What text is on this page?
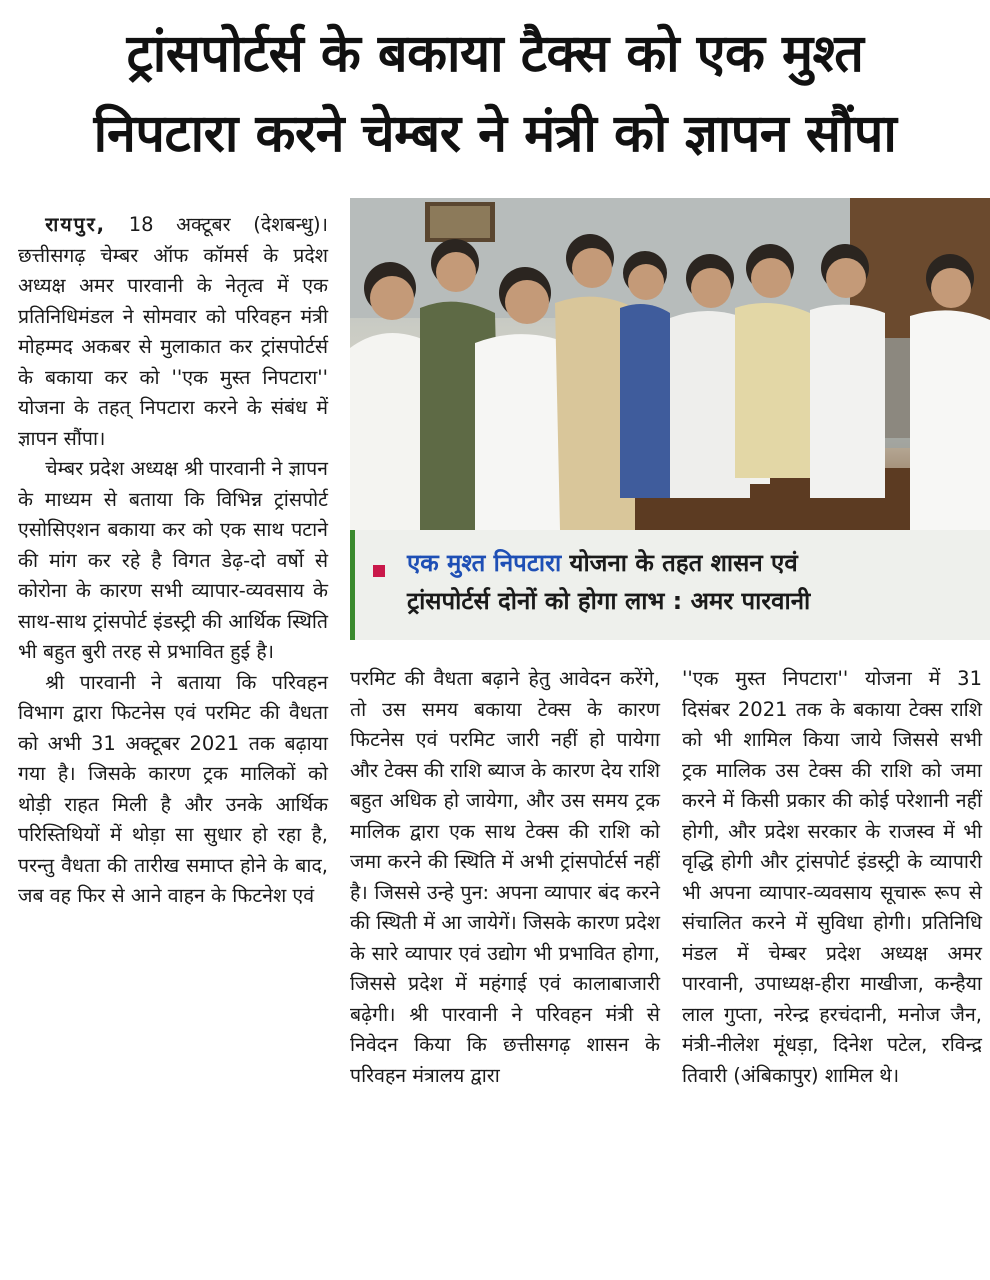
ट्रांसपोर्टर्स के बकाया टैक्स को एक मुश्त
निपटारा करने चेम्बर ने मंत्री को ज्ञापन सौंपा

रायपुर, 18 अक्टूबर (देशबन्धु)। छत्तीसगढ़ चेम्बर ऑफ कॉमर्स के प्रदेश अध्यक्ष अमर पारवानी के नेतृत्व में एक प्रतिनिधिमंडल ने सोमवार को परिवहन मंत्री मोहम्मद अकबर से मुलाकात कर ट्रांसपोर्टर्स के बकाया कर को ''एक मुस्त निपटारा'' योजना के तहत् निपटारा करने के संबंध में ज्ञापन सौंपा।

चेम्बर प्रदेश अध्यक्ष श्री पारवानी ने ज्ञापन के माध्यम से बताया कि विभिन्न ट्रांसपोर्ट एसोसिएशन बकाया कर को एक साथ पटाने की मांग कर रहे है विगत डेढ़-दो वर्षो से कोरोना के कारण सभी व्यापार-व्यवसाय के साथ-साथ ट्रांसपोर्ट इंडस्ट्री की आर्थिक स्थिति भी बहुत बुरी तरह से प्रभावित हुई है।

श्री पारवानी ने बताया कि परिवहन विभाग द्वारा फिटनेस एवं परमिट की वैधता को अभी 31 अक्टूबर 2021 तक बढ़ाया गया है। जिसके कारण ट्रक मालिकों को थोड़ी राहत मिली है और उनके आर्थिक परिस्तिथियों में थोड़ा सा सुधार हो रहा है, परन्तु वैधता की तारीख समाप्त होने के बाद, जब वह फिर से आने वाहन के फिटनेश एवं

एक मुश्त निपटारा योजना के तहत शासन एवं
ट्रांसपोर्टर्स दोनों को होगा लाभ : अमर पारवानी

परमिट की वैधता बढ़ाने हेतु आवेदन करेंगे, तो उस समय बकाया टेक्स के कारण फिटनेस एवं परमिट जारी नहीं हो पायेगा और टेक्स की राशि ब्याज के कारण देय राशि बहुत अधिक हो जायेगा, और उस समय ट्रक मालिक द्वारा एक साथ टेक्स की राशि को जमा करने की स्थिति में अभी ट्रांसपोर्टर्स नहीं है। जिससे उन्हे पुन: अपना व्यापार बंद करने की स्थिती में आ जायेगें। जिसके कारण प्रदेश के सारे व्यापार एवं उद्योग भी प्रभावित होगा, जिससे प्रदेश में महंगाई एवं कालाबाजारी बढ़ेगी। श्री पारवानी ने परिवहन मंत्री से निवेदन किया कि छत्तीसगढ़ शासन के परिवहन मंत्रालय द्वारा

''एक मुस्त निपटारा'' योजना में 31 दिसंबर 2021 तक के बकाया टेक्स राशि को भी शामिल किया जाये जिससे सभी ट्रक मालिक उस टेक्स की राशि को जमा करने में किसी प्रकार की कोई परेशानी नहीं होगी, और प्रदेश सरकार के राजस्व में भी वृद्धि होगी और ट्रांसपोर्ट इंडस्ट्री के व्यापारी भी अपना व्यापार-व्यवसाय सूचारू रूप से संचालित करने में सुविधा होगी। प्रतिनिधि मंडल में चेम्बर प्रदेश अध्यक्ष अमर पारवानी, उपाध्यक्ष-हीरा माखीजा, कन्हैया लाल गुप्ता, नरेन्द्र हरचंदानी, मनोज जैन, मंत्री-नीलेश मूंधड़ा, दिनेश पटेल, रविन्द्र तिवारी (अंबिकापुर) शामिल थे।
